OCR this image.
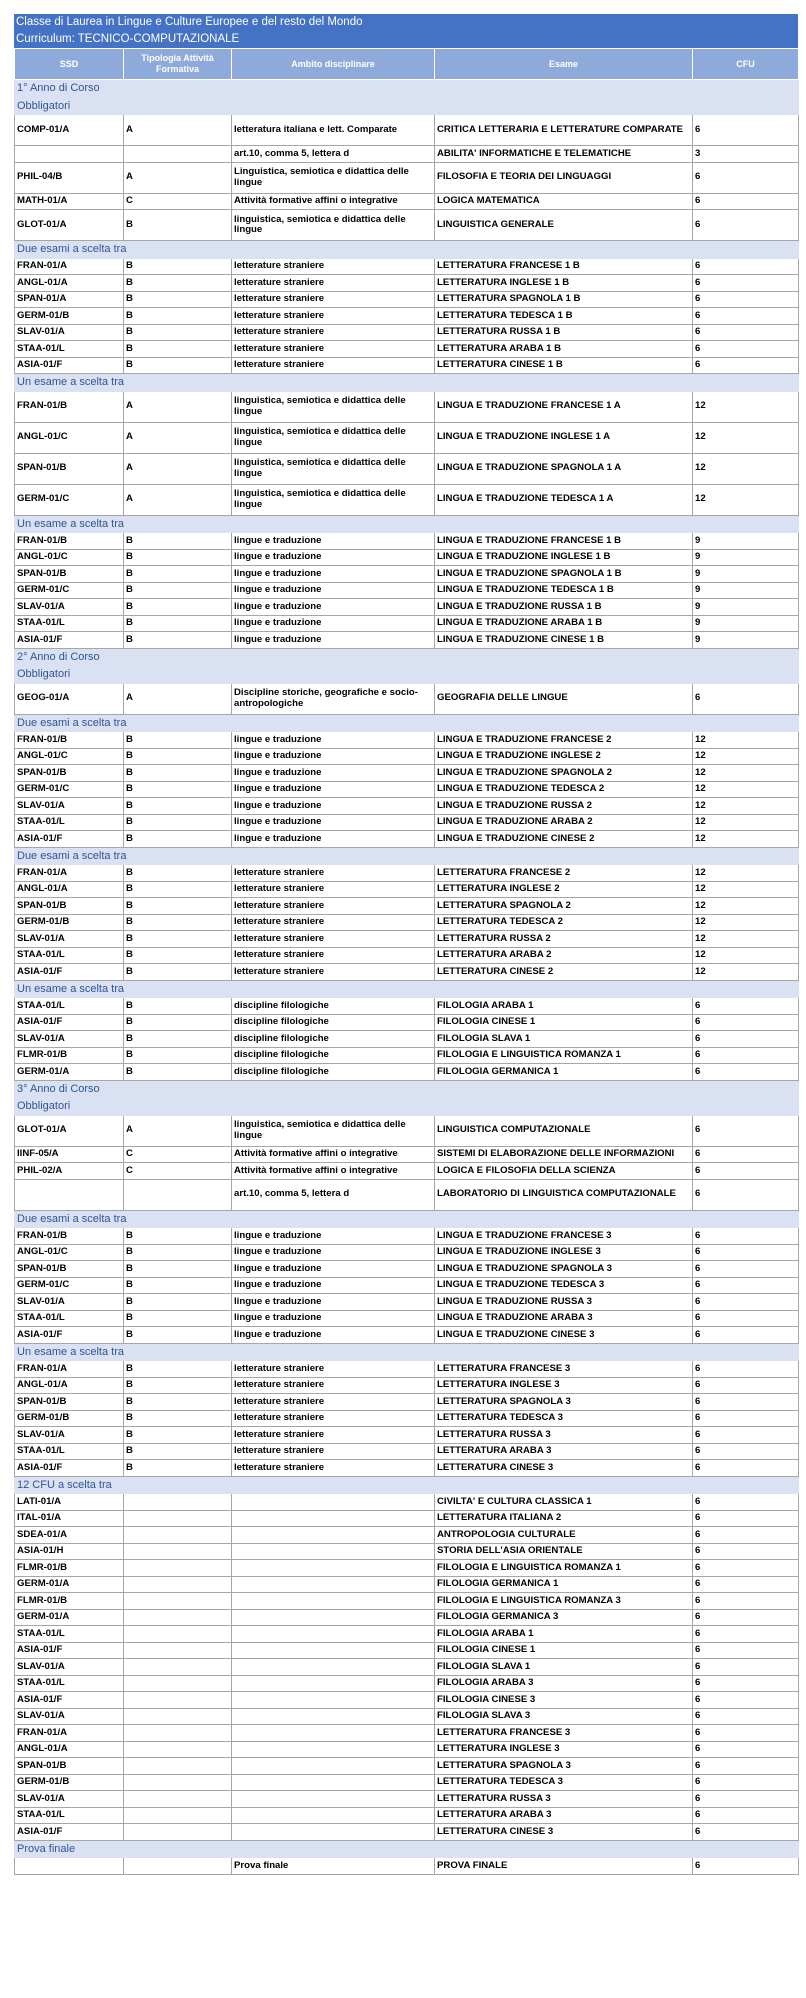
Classe di Laurea in Lingue e Culture Europee e del resto del Mondo
Curriculum: TECNICO-COMPUTAZIONALE
SSD	Tipologia Attività Formativa	Ambito disciplinare	Esame	CFU
1° Anno di Corso				
Obbligatori				
COMP-01/A	A	letteratura italiana e lett. Comparate	CRITICA LETTERARIA E LETTERATURE COMPARATE	6
		art.10, comma 5, lettera d	ABILITA' INFORMATICHE E TELEMATICHE	3
PHIL-04/B	A	Linguistica, semiotica e didattica delle lingue	FILOSOFIA E TEORIA DEI LINGUAGGI	6
MATH-01/A	C	Attività formative affini o integrative	LOGICA MATEMATICA	6
GLOT-01/A	B	linguistica, semiotica e didattica delle lingue	LINGUISTICA GENERALE	6
Due esami a scelta tra				
FRAN-01/A	B	letterature straniere	LETTERATURA FRANCESE 1 B	6
ANGL-01/A	B	letterature straniere	LETTERATURA INGLESE 1 B	6
SPAN-01/A	B	letterature straniere	LETTERATURA SPAGNOLA 1 B	6
GERM-01/B	B	letterature straniere	LETTERATURA TEDESCA 1 B	6
SLAV-01/A	B	letterature straniere	LETTERATURA RUSSA 1 B	6
STAA-01/L	B	letterature straniere	LETTERATURA ARABA 1 B	6
ASIA-01/F	B	letterature straniere	LETTERATURA CINESE 1 B	6
Un esame a scelta tra				
FRAN-01/B	A	linguistica, semiotica e didattica delle lingue	LINGUA E TRADUZIONE FRANCESE 1 A	12
ANGL-01/C	A	linguistica, semiotica e didattica delle lingue	LINGUA E TRADUZIONE INGLESE 1 A	12
SPAN-01/B	A	linguistica, semiotica e didattica delle lingue	LINGUA E TRADUZIONE SPAGNOLA 1 A	12
GERM-01/C	A	linguistica, semiotica e didattica delle lingue	LINGUA E TRADUZIONE TEDESCA 1 A	12
Un esame a scelta tra				
FRAN-01/B	B	lingue e traduzione	LINGUA E TRADUZIONE FRANCESE 1 B	9
ANGL-01/C	B	lingue e traduzione	LINGUA E TRADUZIONE INGLESE 1 B	9
SPAN-01/B	B	lingue e traduzione	LINGUA E TRADUZIONE SPAGNOLA 1 B	9
GERM-01/C	B	lingue e traduzione	LINGUA E TRADUZIONE TEDESCA 1 B	9
SLAV-01/A	B	lingue e traduzione	LINGUA E TRADUZIONE RUSSA 1 B	9
STAA-01/L	B	lingue e traduzione	LINGUA E TRADUZIONE ARABA 1 B	9
ASIA-01/F	B	lingue e traduzione	LINGUA E TRADUZIONE CINESE 1 B	9
2° Anno di Corso				
Obbligatori				
GEOG-01/A	A	Discipline storiche, geografiche e socio-antropologiche	GEOGRAFIA DELLE LINGUE	6
Due esami a scelta tra				
FRAN-01/B	B	lingue e traduzione	LINGUA E TRADUZIONE FRANCESE 2	12
ANGL-01/C	B	lingue e traduzione	LINGUA E TRADUZIONE INGLESE 2	12
SPAN-01/B	B	lingue e traduzione	LINGUA E TRADUZIONE SPAGNOLA 2	12
GERM-01/C	B	lingue e traduzione	LINGUA E TRADUZIONE TEDESCA 2	12
SLAV-01/A	B	lingue e traduzione	LINGUA E TRADUZIONE RUSSA 2	12
STAA-01/L	B	lingue e traduzione	LINGUA E TRADUZIONE ARABA 2	12
ASIA-01/F	B	lingue e traduzione	LINGUA E TRADUZIONE CINESE 2	12
Due esami a scelta tra				
FRAN-01/A	B	letterature straniere	LETTERATURA FRANCESE 2	12
ANGL-01/A	B	letterature straniere	LETTERATURA INGLESE 2	12
SPAN-01/B	B	letterature straniere	LETTERATURA SPAGNOLA 2	12
GERM-01/B	B	letterature straniere	LETTERATURA TEDESCA 2	12
SLAV-01/A	B	letterature straniere	LETTERATURA RUSSA 2	12
STAA-01/L	B	letterature straniere	LETTERATURA ARABA 2	12
ASIA-01/F	B	letterature straniere	LETTERATURA CINESE 2	12
Un esame a scelta tra				
STAA-01/L	B	discipline filologiche	FILOLOGIA ARABA 1	6
ASIA-01/F	B	discipline filologiche	FILOLOGIA CINESE 1	6
SLAV-01/A	B	discipline filologiche	FILOLOGIA SLAVA 1	6
FLMR-01/B	B	discipline filologiche	FILOLOGIA E LINGUISTICA ROMANZA 1	6
GERM-01/A	B	discipline filologiche	FILOLOGIA GERMANICA 1	6
3° Anno di Corso				
Obbligatori				
GLOT-01/A	A	linguistica, semiotica e didattica delle lingue	LINGUISTICA COMPUTAZIONALE	6
IINF-05/A	C	Attività formative affini o integrative	SISTEMI DI ELABORAZIONE DELLE INFORMAZIONI	6
PHIL-02/A	C	Attività formative affini o integrative	LOGICA E FILOSOFIA DELLA SCIENZA	6
		art.10, comma 5, lettera d	LABORATORIO DI LINGUISTICA COMPUTAZIONALE	6
Due esami a scelta tra				
FRAN-01/B	B	lingue e traduzione	LINGUA E TRADUZIONE FRANCESE 3	6
ANGL-01/C	B	lingue e traduzione	LINGUA E TRADUZIONE INGLESE 3	6
SPAN-01/B	B	lingue e traduzione	LINGUA E TRADUZIONE SPAGNOLA 3	6
GERM-01/C	B	lingue e traduzione	LINGUA E TRADUZIONE TEDESCA 3	6
SLAV-01/A	B	lingue e traduzione	LINGUA E TRADUZIONE RUSSA 3	6
STAA-01/L	B	lingue e traduzione	LINGUA E TRADUZIONE ARABA 3	6
ASIA-01/F	B	lingue e traduzione	LINGUA E TRADUZIONE CINESE 3	6
Un esame a scelta tra				
FRAN-01/A	B	letterature straniere	LETTERATURA FRANCESE 3	6
ANGL-01/A	B	letterature straniere	LETTERATURA INGLESE 3	6
SPAN-01/B	B	letterature straniere	LETTERATURA SPAGNOLA 3	6
GERM-01/B	B	letterature straniere	LETTERATURA TEDESCA 3	6
SLAV-01/A	B	letterature straniere	LETTERATURA RUSSA 3	6
STAA-01/L	B	letterature straniere	LETTERATURA ARABA 3	6
ASIA-01/F	B	letterature straniere	LETTERATURA CINESE 3	6
12 CFU a scelta tra				
LATI-01/A			CIVILTA' E CULTURA CLASSICA 1	6
ITAL-01/A			LETTERATURA ITALIANA 2	6
SDEA-01/A			ANTROPOLOGIA CULTURALE	6
ASIA-01/H			STORIA DELL'ASIA ORIENTALE	6
FLMR-01/B			FILOLOGIA E LINGUISTICA ROMANZA 1	6
GERM-01/A			FILOLOGIA GERMANICA 1	6
FLMR-01/B			FILOLOGIA E LINGUISTICA ROMANZA 3	6
GERM-01/A			FILOLOGIA GERMANICA 3	6
STAA-01/L			FILOLOGIA ARABA 1	6
ASIA-01/F			FILOLOGIA CINESE 1	6
SLAV-01/A			FILOLOGIA SLAVA 1	6
STAA-01/L			FILOLOGIA ARABA 3	6
ASIA-01/F			FILOLOGIA CINESE 3	6
SLAV-01/A			FILOLOGIA SLAVA 3	6
FRAN-01/A			LETTERATURA FRANCESE 3	6
ANGL-01/A			LETTERATURA INGLESE 3	6
SPAN-01/B			LETTERATURA SPAGNOLA 3	6
GERM-01/B			LETTERATURA TEDESCA 3	6
SLAV-01/A			LETTERATURA RUSSA 3	6
STAA-01/L			LETTERATURA ARABA 3	6
ASIA-01/F			LETTERATURA CINESE 3	6
Prova finale				
		Prova finale	PROVA FINALE	6
